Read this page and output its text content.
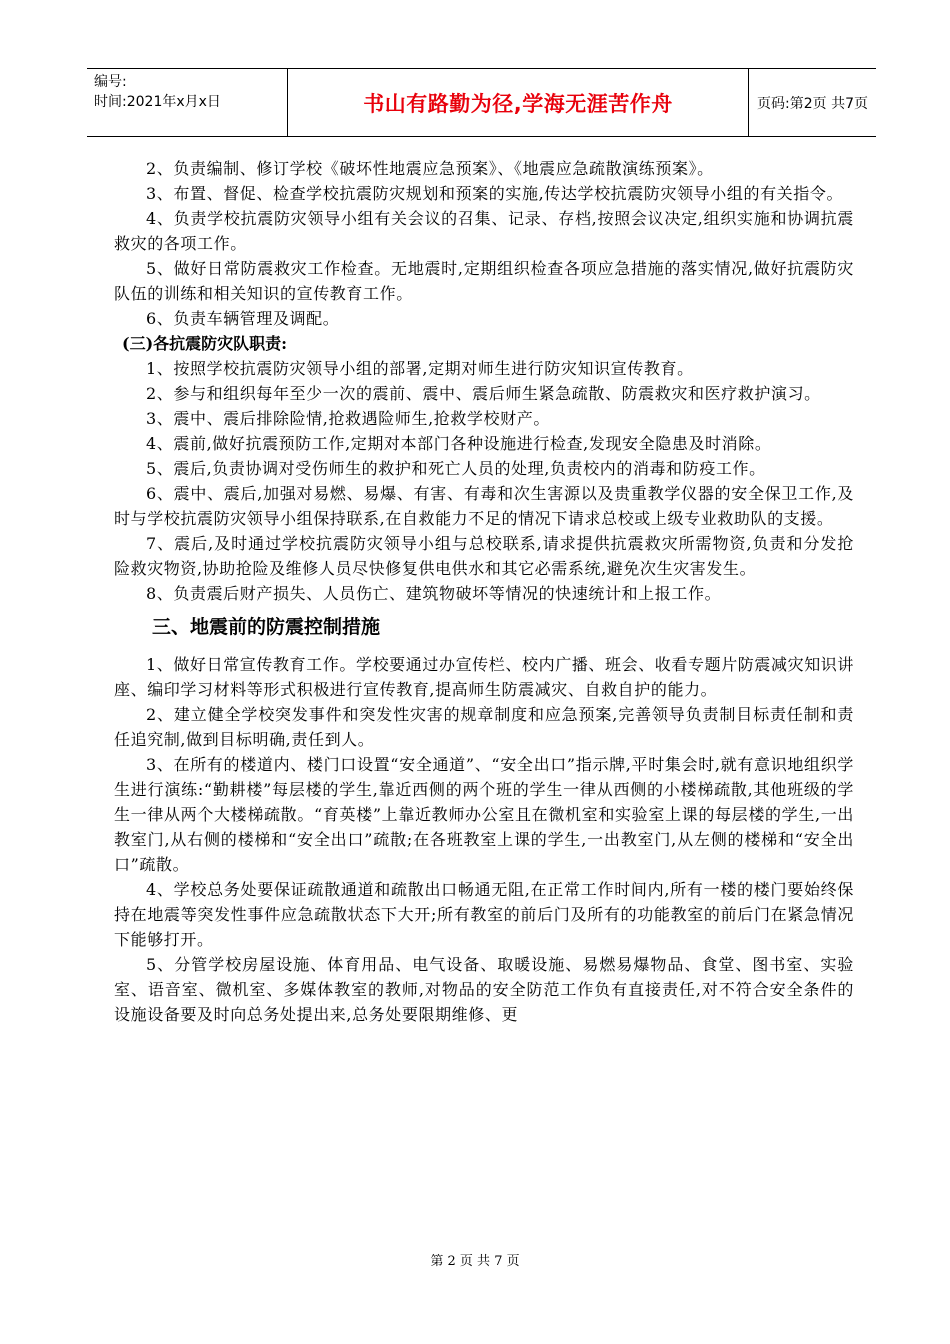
编号:
时间:2021年x月x日	书山有路勤为径,学海无涯苦作舟	页码:第2页 共7页

2、负责编制、修订学校《破坏性地震应急预案》、《地震应急疏散演练预案》。

3、布置、督促、检查学校抗震防灾规划和预案的实施,传达学校抗震防灾领导小组的有关指令。

4、负责学校抗震防灾领导小组有关会议的召集、记录、存档,按照会议决定,组织实施和协调抗震救灾的各项工作。

5、做好日常防震救灾工作检查。无地震时,定期组织检查各项应急措施的落实情况,做好抗震防灾队伍的训练和相关知识的宣传教育工作。

6、负责车辆管理及调配。

(三)各抗震防灾队职责:

1、按照学校抗震防灾领导小组的部署,定期对师生进行防灾知识宣传教育。

2、参与和组织每年至少一次的震前、震中、震后师生紧急疏散、防震救灾和医疗救护演习。

3、震中、震后排除险情,抢救遇险师生,抢救学校财产。

4、震前,做好抗震预防工作,定期对本部门各种设施进行检查,发现安全隐患及时消除。

5、震后,负责协调对受伤师生的救护和死亡人员的处理,负责校内的消毒和防疫工作。

6、震中、震后,加强对易燃、易爆、有害、有毒和次生害源以及贵重教学仪器的安全保卫工作,及时与学校抗震防灾领导小组保持联系,在自救能力不足的情况下请求总校或上级专业救助队的支援。

7、震后,及时通过学校抗震防灾领导小组与总校联系,请求提供抗震救灾所需物资,负责和分发抢险救灾物资,协助抢险及维修人员尽快修复供电供水和其它必需系统,避免次生灾害发生。

8、负责震后财产损失、人员伤亡、建筑物破坏等情况的快速统计和上报工作。

三、地震前的防震控制措施

1、做好日常宣传教育工作。学校要通过办宣传栏、校内广播、班会、收看专题片防震减灾知识讲座、编印学习材料等形式积极进行宣传教育,提高师生防震减灾、自救自护的能力。

2、建立健全学校突发事件和突发性灾害的规章制度和应急预案,完善领导负责制目标责任制和责任追究制,做到目标明确,责任到人。

3、在所有的楼道内、楼门口设置“安全通道”、“安全出口”指示牌,平时集会时,就有意识地组织学生进行演练:“勤耕楼”每层楼的学生,靠近西侧的两个班的学生一律从西侧的小楼梯疏散,其他班级的学生一律从两个大楼梯疏散。“育英楼”上靠近教师办公室且在微机室和实验室上课的每层楼的学生,一出教室门,从右侧的楼梯和“安全出口”疏散;在各班教室上课的学生,一出教室门,从左侧的楼梯和“安全出口”疏散。

4、学校总务处要保证疏散通道和疏散出口畅通无阻,在正常工作时间内,所有一楼的楼门要始终保持在地震等突发性事件应急疏散状态下大开;所有教室的前后门及所有的功能教室的前后门在紧急情况下能够打开。

5、分管学校房屋设施、体育用品、电气设备、取暖设施、易燃易爆物品、食堂、图书室、实验室、语音室、微机室、多媒体教室的教师,对物品的安全防范工作负有直接责任,对不符合安全条件的设施设备要及时向总务处提出来,总务处要限期维修、更

第 2 页 共 7 页
